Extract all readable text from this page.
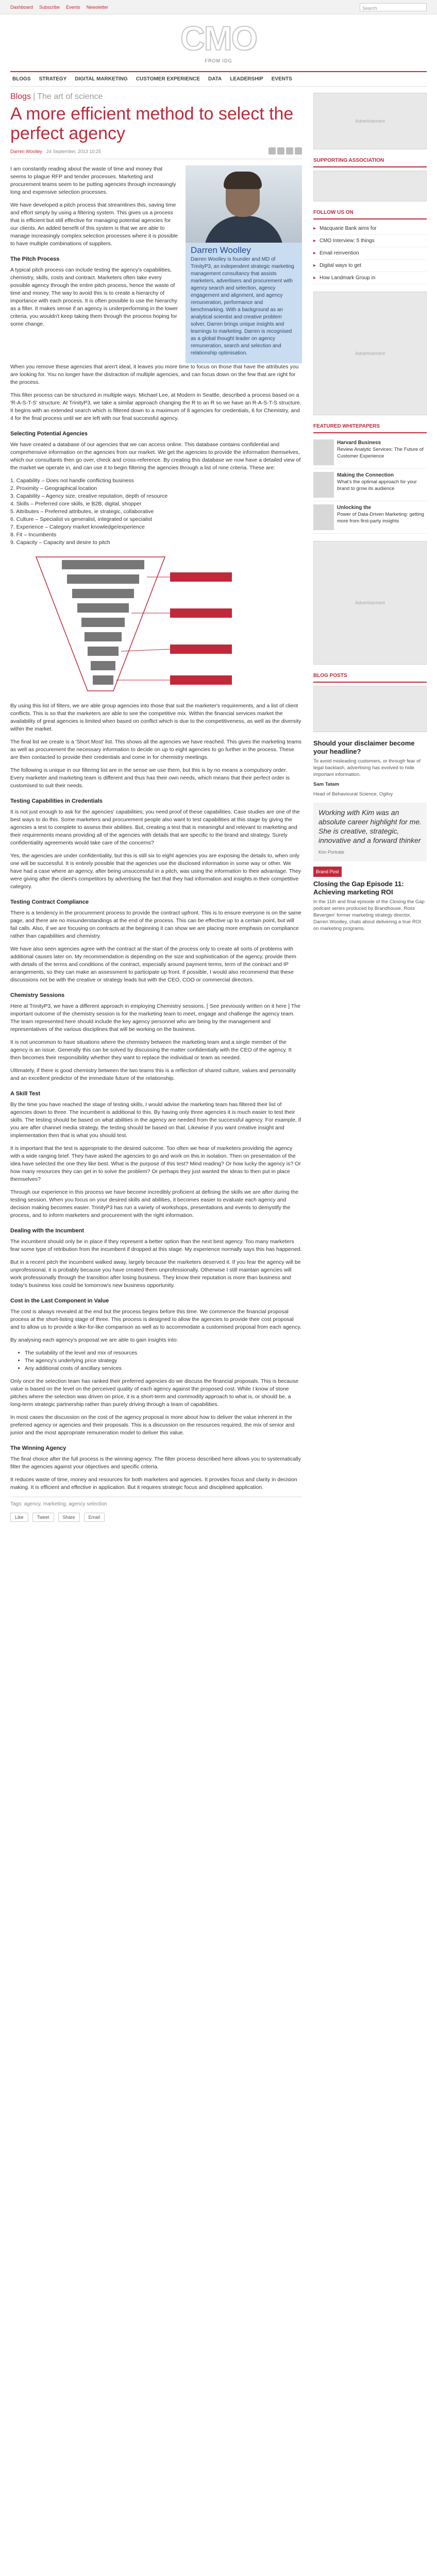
Dashboard Subscribe Events Newsletter	Search
CMO
FROM IDG
BLOGS STRATEGY DIGITAL MARKETING CUSTOMER EXPERIENCE DATA LEADERSHIP EVENTS
Blogs | The art of science
A more efficient method to select the perfect agency
Darren Woolley 24 September, 2013 10:25

I am constantly reading about the waste of time and money that seems to plague RFP and tender processes. Marketing and procurement teams seem to be putting agencies through increasingly long and expensive selection processes.

We have developed a pitch process that streamlines this, saving time and effort simply by using a filtering system. This gives us a process that is efficient but still effective for managing potential agencies for our clients. An added benefit of this system is that we are able to manage increasingly complex selection processes where it is possible to have multiple combinations of suppliers.

The Pitch Process

A typical pitch process can include testing the agency's capabilities, chemistry, skills, costs and contract. Marketers often take every possible agency through the entire pitch process, hence the waste of time and money. The way to avoid this is to create a hierarchy of importance with each process. It is often possible to use the hierarchy as a filter. It makes sense if an agency is underperforming in the lower criteria, you wouldn't keep taking them through the process hoping for some change.

Darren Woolley
Darren Woolley is founder and MD of TrinityP3, an independent strategic marketing management consultancy that assists marketers, advertisers and procurement with agency search and selection, agency engagement and alignment, and agency remuneration, performance and benchmarking. With a background as an analytical scientist and creative problem solver, Darren brings unique insights and learnings to marketing. Darren is recognised as a global thought leader on agency remuneration, search and selection and relationship optimisation.

When you remove these agencies that aren't ideal, it leaves you more time to focus on those that have the attributes you are looking for. You no longer have the distraction of multiple agencies, and can focus down on the few that are right for the process.

This filter process can be structured in multiple ways. Michael Lee, at Modern in Seattle, described a process based on a 'R-A-S-T-S' structure. At TrinityP3, we take a similar approach changing the R to an R so we have an R-A-S-T-S structure. It begins with an extended search which is filtered down to a maximum of 8 agencies for credentials, 6 for Chemistry, and 4 for the final process until we are left with our final successful agency.

Selecting Potential Agencies

We have created a database of our agencies that we can access online. This database contains confidential and comprehensive information on the agencies from our market. We get the agencies to provide the information themselves, which our consultants then go over, check and cross-reference. By creating this database we now have a detailed view of the market we operate in, and can use it to begin filtering the agencies through a list of nine criteria. These are:

1. Capability – Does not handle conflicting business
2. Proximity – Geographical location
3. Capability – Agency size, creative reputation, depth of resource
4. Skills – Preferred core skills, ie B2B, digital, shopper
5. Attributes – Preferred attributes, ie strategic, collaborative
6. Culture – Specialist vs generalist, integrated or specialist
7. Experience – Category market knowledge/experience
8. Fit – Incumbents
9. Capacity – Capacity and desire to pitch

By using this list of filters, we are able group agencies into those that suit the marketer's requirements, and a list of client conflicts. This is so that the marketers are able to see the competitive mix. Within the financial services market the availability of great agencies is limited when based on conflict which is due to the competitiveness, as well as the diversity within the market.

The final list we create is a 'Short Most' list. This shows all the agencies we have reached. This gives the marketing teams as well as procurement the necessary information to decide on up to eight agencies to go further in the process. These are then contacted to provide their credentials and come in for chemistry meetings.

The following is unique in our filtering list are in the sense we use them, but this is by no means a compulsory order. Every marketer and marketing team is different and thus has their own needs, which means that their perfect order is customised to suit their needs.

Testing Capabilities in Credentials

It is not just enough to ask for the agencies' capabilities; you need proof of these capabilities. Case studies are one of the best ways to do this. Some marketers and procurement people also want to test capabilities at this stage by giving the agencies a test to complete to assess their abilities. But, creating a test that is meaningful and relevant to marketing and their requirements means providing all of the agencies with details that are specific to the brand and strategy. Surely confidentiality agreements would take care of the concerns?

Yes, the agencies are under confidentiality, but this is still six to eight agencies you are exposing the details to, when only one will be successful. It is entirely possible that the agencies use the disclosed information in some way or other. We have had a case where an agency, after being unsuccessful in a pitch, was using the information to their advantage. They were giving after the client's competitors by advertising the fact that they had information and insights in their competitive category.

Testing Contract Compliance

There is a tendency in the procurement process to provide the contract upfront. This is to ensure everyone is on the same page, and there are no misunderstandings at the end of the process. This can be effective up to a certain point, but will fail calls. Also, if we are focusing on contracts at the beginning it can show we are placing more emphasis on compliance rather than capabilities and chemistry.

We have also seen agencies agree with the contract at the start of the process only to create all sorts of problems with additional causes later on. My recommendation is depending on the size and sophistication of the agency, provide them with details of the terms and conditions of the contract, especially around payment terms, term of the contract and IP arrangements, so they can make an assessment to participate up front. If possible, I would also recommend that these discussions not be with the creative or strategy leads but with the CEO, COO or commercial directors.

Chemistry Sessions

Here at TrinityP3, we have a different approach in employing Chemistry sessions. [ See previously written on it here ] The important outcome of the chemistry session is for the marketing team to meet, engage and challenge the agency team. The team represented here should include the key agency personnel who are being by the management and representatives of the various disciplines that will be working on the business.

It is not uncommon to have situations where the chemistry between the marketing team and a single member of the agency is an issue. Generally this can be solved by discussing the matter confidentially with the CEO of the agency. It then becomes their responsibility whether they want to replace the individual or team as needed.

Ultimately, if there is good chemistry between the two teams this is a reflection of shared culture, values and personality and an excellent predictor of the immediate future of the relationship.

A Skill Test

By the time you have reached the stage of testing skills, I would advise the marketing team has filtered their list of agencies down to three. The incumbent is additional to this. By having only three agencies it is much easier to test their skills. The testing should be based on what abilities in the agency are needed from the successful agency. For example, if you are after channel media strategy, the testing should be based on that. Likewise if you want creative insight and implementation then that is what you should test.

It is important that the test is appropriate to the desired outcome. Too often we hear of marketers providing the agency with a wide ranging brief. They have asked the agencies to go and work on this in isolation. Then on presentation of the idea have selected the one they like best. What is the purpose of this test? Mind reading? Or how lucky the agency is? Or how many resources they can get in to solve the problem? Or perhaps they just wanted the ideas to then put in place themselves?

Through our experience in this process we have become incredibly proficient at defining the skills we are after during the testing session. When you focus on your desired skills and abilities, it becomes easier to evaluate each agency and decision making becomes easier. TrinityP3 has run a variety of workshops, presentations and events to demystify the process, and to inform marketers and procurement with the right information.

Dealing with the Incumbent

The incumbent should only be in place if they represent a better option than the next best agency. Too many marketers fear some type of retribution from the incumbent if dropped at this stage. My experience normally says this has happened.

But in a recent pitch the incumbent walked away, largely because the marketers deserved it. If you fear the agency will be unprofessional, it is probably because you have created them unprofessionally. Otherwise I still maintain agencies will work professionally through the transition after losing business. They know their reputation is more than business and today's business loss could be tomorrow's new business opportunity.

Cost in the Last Component in Value

The cost is always revealed at the end but the process begins before this time. We commence the financial proposal process at the short-listing stage of three. This process is designed to allow the agencies to provide their cost proposal and to allow us to provide a like-for-like comparison as well as to accommodate a customised proposal from each agency.

By analysing each agency's proposal we are able to gain insights into:

• The suitability of the level and mix of resources
• The agency's underlying price strategy
• Any additional costs of ancillary services

Only once the selection team has ranked their preferred agencies do we discuss the financial proposals. This is because value is based on the level on the perceived quality of each agency against the proposed cost. While I know of stone pitches where the selection was driven on price, it is a short-term and commodity approach to what is, or should be, a long-term strategic partnership rather than purely driving through a team of capabilities.

In most cases the discussion on the cost of the agency proposal is more about how to deliver the value inherent in the preferred agency or agencies and their proposals. This is a discussion on the resources required, the mix of senior and junior and the most appropriate remuneration model to deliver this value.

The Winning Agency

The final choice after the full process is the winning agency. The filter process described here allows you to systematically filter the agencies against your objectives and specific criteria.

It reduces waste of time, money and resources for both marketers and agencies. It provides focus and clarity in decision making. It is efficient and effective in application. But it requires strategic focus and disciplined application.

Tags: agency, marketing, agency selection
Like	Tweet	Share	Email
Advertisement
SUPPORTING ASSOCIATION
FOLLOW US ON
▸ Macquarie Bank aims for
▸ CMO Interview: 5 things
▸ Email reinvention
▸ Digital ways to get
▸ How Landmark Group in
Advertisement
FEATURED WHITEPAPERS
Harvard Business
Review Analytic Services: The Future of Customer Experience
Making the Connection
What's the optimal approach for your brand to grow its audience
Unlocking the
Power of Data-Driven Marketing: getting more from first-party insights
Advertisement
BLOG POSTS
Should your disclaimer become your headline?
To avoid misleading customers, or through fear of legal backlash, advertising has evolved to hide important information.
Sam Tatam
Head of Behavioural Science, Ogilvy
Working with Kim was an absolute career highlight for me. She is creative, strategic, innovative and a forward thinker
Kim Portrate
Brand Post
Closing the Gap Episode 11: Achieving marketing ROI
In the 11th and final episode of the Closing the Gap podcast series produced by Brandhouse, Ross Bevergen' former marketing strategy director, Darren Woolley, chats about delivering a true ROI on marketing programs.
